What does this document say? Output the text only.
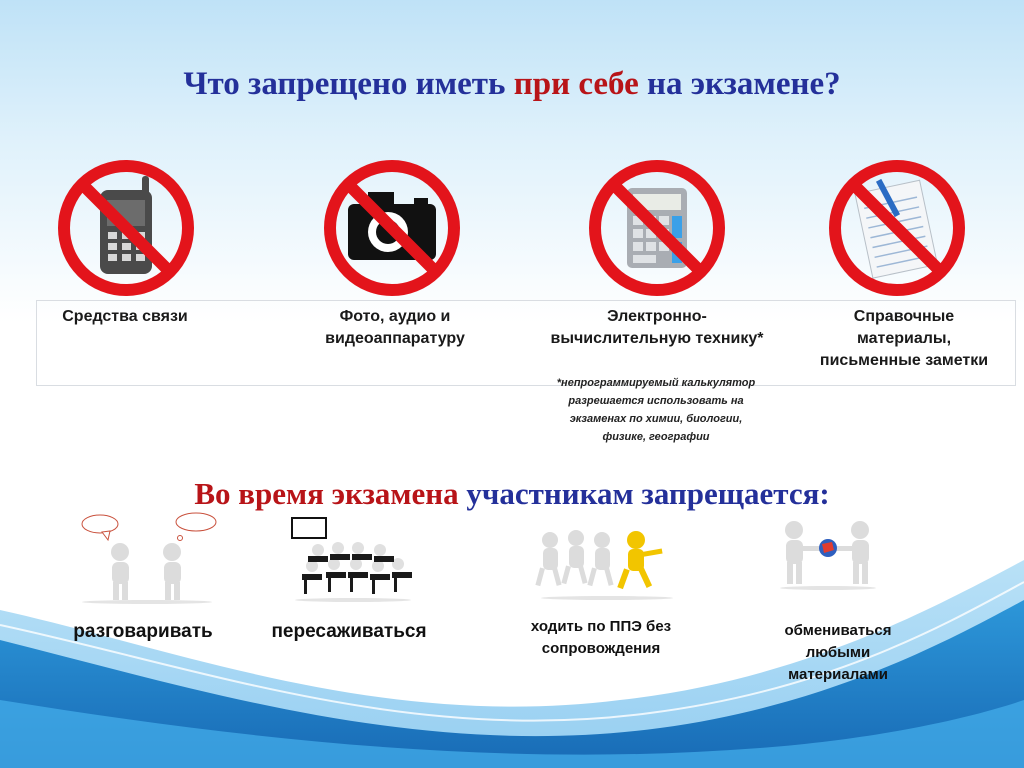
Что запрещено иметь при себе на экзамене?
Средства связи	Фото, аудио и видеоаппаратуру
Электронно-вычислительную технику*
Справочные материалы, письменные заметки
*непрограммируемый калькулятор разрешается использовать на экзаменах по химии, биологии, физике, географии
Во время экзамена участникам запрещается:
разговаривать	пересаживаться	ходить по ППЭ без сопровождения
обмениваться любыми материалами
